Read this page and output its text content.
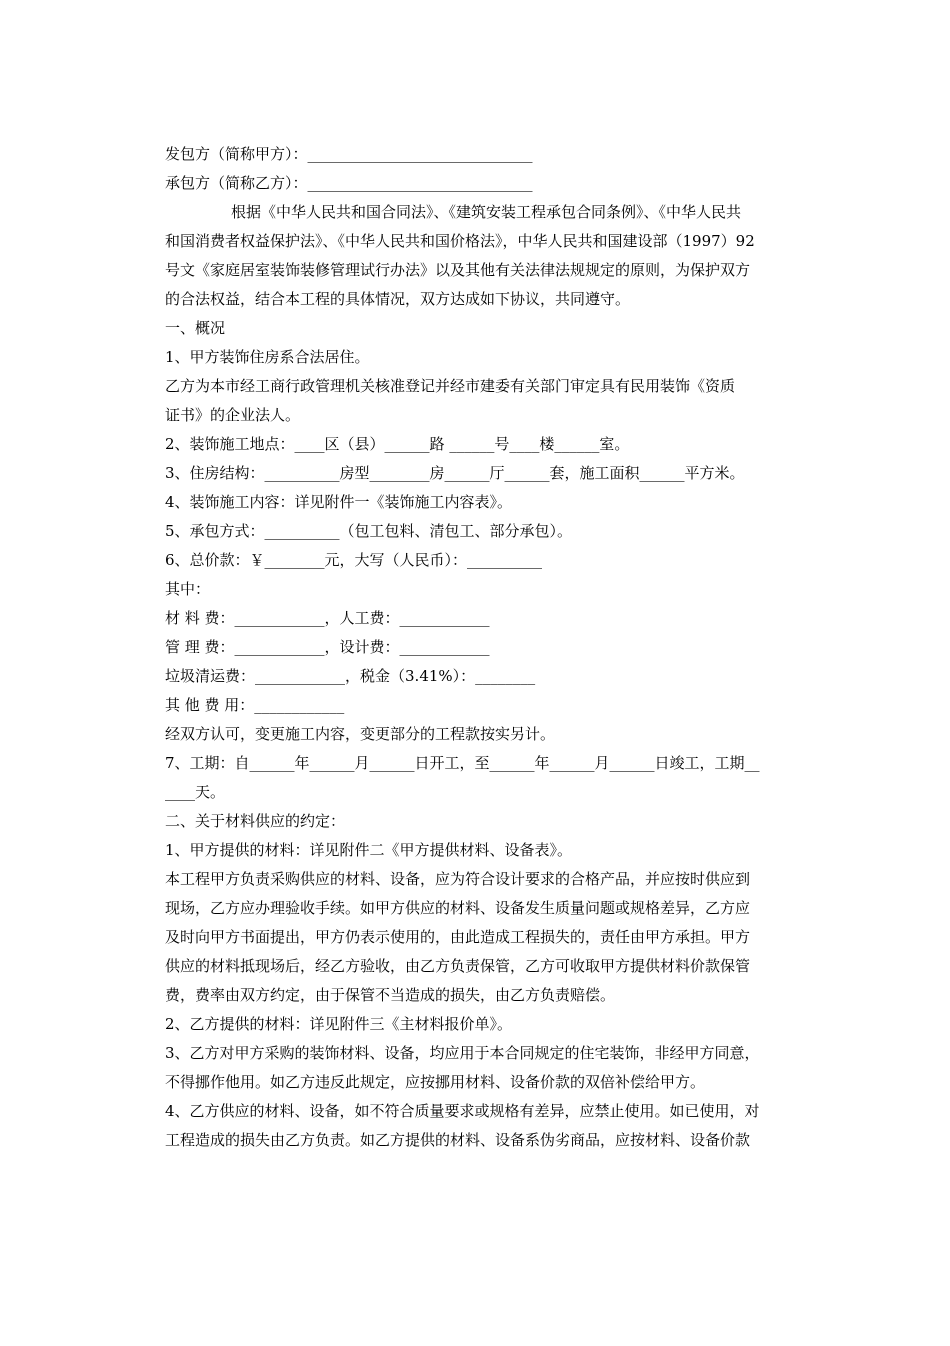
发包方（简称甲方）：______________________________
承包方（简称乙方）：______________________________
根据《中华人民共和国合同法》、《建筑安装工程承包合同条例》、《中华人民共
和国消费者权益保护法》、《中华人民共和国价格法》，中华人民共和国建设部（1997）92
号文《家庭居室装饰装修管理试行办法》以及其他有关法律法规规定的原则，为保护双方
的合法权益，结合本工程的具体情况，双方达成如下协议，共同遵守。
一、概况
1、甲方装饰住房系合法居住。
乙方为本市经工商行政管理机关核准登记并经市建委有关部门审定具有民用装饰《资质
证书》的企业法人。
2、装饰施工地点：____区（县）______路 ______号____楼______室。
3、住房结构：__________房型________房______厅______套，施工面积______平方米。
4、装饰施工内容：详见附件一《装饰施工内容表》。
5、承包方式：__________（包工包料、清包工、部分承包）。
6、总价款：￥________元，大写（人民币）：__________
其中：
材 料 费：____________，人工费：____________
管 理 费：____________，设计费：____________
垃圾清运费：____________，税金（3.41%）：________
其 他 费 用：____________
经双方认可，变更施工内容，变更部分的工程款按实另计。
7、工期：自______年______月______日开工，至______年______月______日竣工，工期__
____天。
二、关于材料供应的约定：
1、甲方提供的材料：详见附件二《甲方提供材料、设备表》。
本工程甲方负责采购供应的材料、设备，应为符合设计要求的合格产品，并应按时供应到
现场，乙方应办理验收手续。如甲方供应的材料、设备发生质量问题或规格差异，乙方应
及时向甲方书面提出，甲方仍表示使用的，由此造成工程损失的，责任由甲方承担。甲方
供应的材料抵现场后，经乙方验收，由乙方负责保管，乙方可收取甲方提供材料价款保管
费，费率由双方约定，由于保管不当造成的损失，由乙方负责赔偿。
2、乙方提供的材料：详见附件三《主材料报价单》。
3、乙方对甲方采购的装饰材料、设备，均应用于本合同规定的住宅装饰，非经甲方同意，
不得挪作他用。如乙方违反此规定，应按挪用材料、设备价款的双倍补偿给甲方。
4、乙方供应的材料、设备，如不符合质量要求或规格有差异，应禁止使用。如已使用，对
工程造成的损失由乙方负责。如乙方提供的材料、设备系伪劣商品，应按材料、设备价款
